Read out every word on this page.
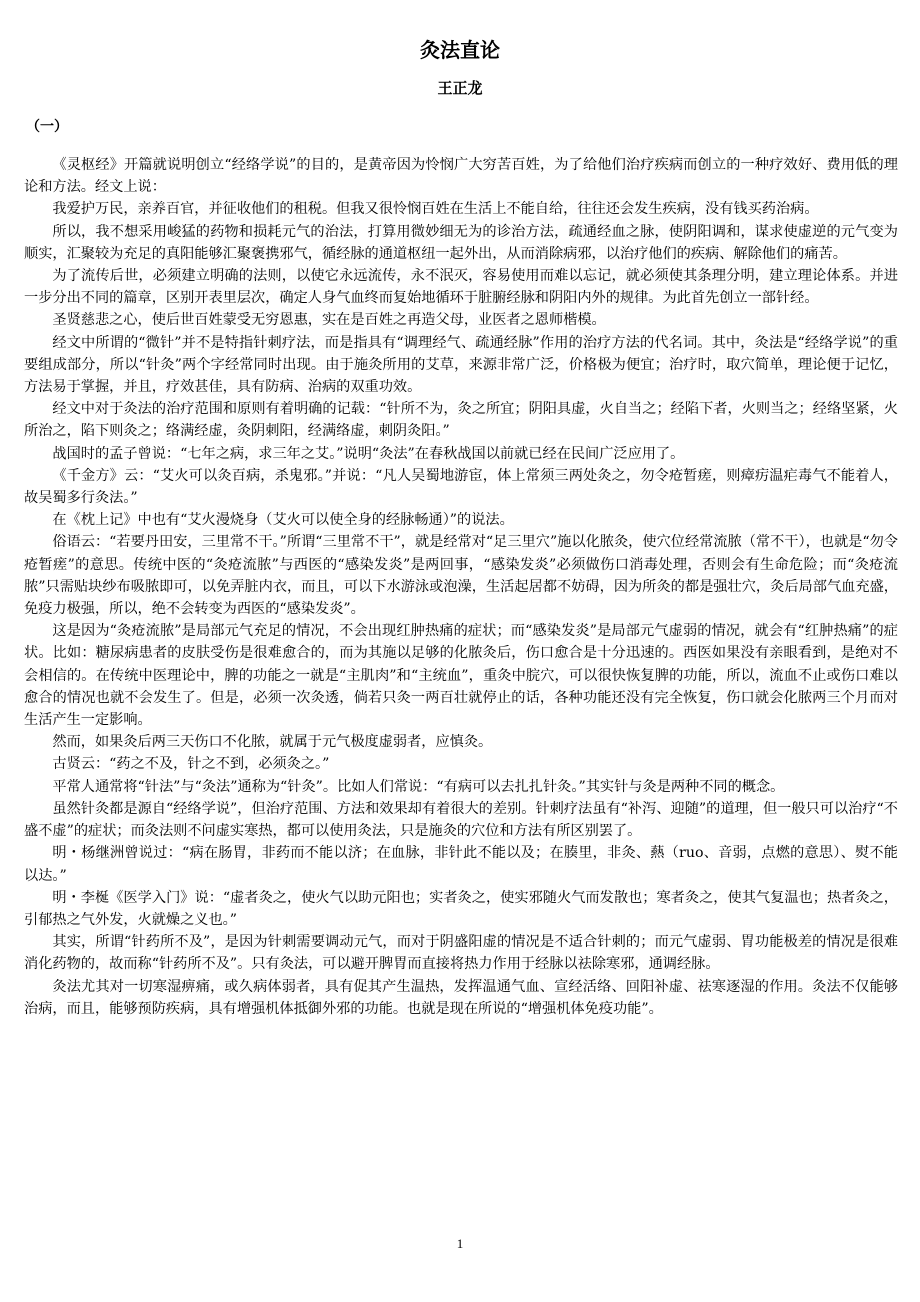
灸法直论
王正龙
（一）

《灵枢经》开篇就说明创立“经络学说”的目的，是黄帝因为怜悯广大穷苦百姓，为了给他们治疗疾病而创立的一种疗效好、费用低的理论和方法。经文上说：

我爱护万民，亲养百官，并征收他们的租税。但我又很怜悯百姓在生活上不能自给，往往还会发生疾病，没有钱买药治病。

所以，我不想采用峻猛的药物和损耗元气的治法，打算用微妙细无为的诊治方法，疏通经血之脉，使阴阳调和，谋求使虚逆的元气变为顺实，汇聚较为充足的真阳能够汇聚褒携邪气，循经脉的通道枢纽一起外出，从而消除病邪，以治疗他们的疾病、解除他们的痛苦。

为了流传后世，必须建立明确的法则，以使它永远流传，永不泯灭，容易使用而难以忘记，就必须使其条理分明，建立理论体系。并进一步分出不同的篇章，区别开表里层次，确定人身气血终而复始地循环于脏腑经脉和阴阳内外的规律。为此首先创立一部针经。

圣贤慈悲之心，使后世百姓蒙受无穷恩惠，实在是百姓之再造父母，业医者之恩师楷模。

经文中所谓的“微针”并不是特指针刺疗法，而是指具有“调理经气、疏通经脉”作用的治疗方法的代名词。其中，灸法是“经络学说”的重要组成部分，所以“针灸”两个字经常同时出现。由于施灸所用的艾草，来源非常广泛，价格极为便宜；治疗时，取穴简单，理论便于记忆，方法易于掌握，并且，疗效甚佳，具有防病、治病的双重功效。

经文中对于灸法的治疗范围和原则有着明确的记载：“针所不为，灸之所宜；阴阳具虚，火自当之；经陷下者，火则当之；经络坚紧，火所治之，陷下则灸之；络满经虚，灸阴刺阳，经满络虚，刺阴灸阳。”

战国时的孟子曾说：“七年之病，求三年之艾。”说明“灸法”在春秋战国以前就已经在民间广泛应用了。

《千金方》云：“艾火可以灸百病，杀鬼邪。”并说：“凡人吴蜀地游宦，体上常须三两处灸之，勿令疮暂瘥，则瘴疠温疟毒气不能着人，故吴蜀多行灸法。”

在《枕上记》中也有“艾火漫烧身（艾火可以使全身的经脉畅通）”的说法。

俗语云：“若要丹田安，三里常不干。”所谓“三里常不干”，就是经常对“足三里穴”施以化脓灸，使穴位经常流脓（常不干），也就是“勿令疮暂瘥”的意思。传统中医的“灸疮流脓”与西医的“感染发炎”是两回事，“感染发炎”必须做伤口消毒处理，否则会有生命危险；而“灸疮流脓”只需贴块纱布吸脓即可，以免弄脏内衣，而且，可以下水游泳或泡澡，生活起居都不妨碍，因为所灸的都是强壮穴，灸后局部气血充盛，免疫力极强，所以，绝不会转变为西医的“感染发炎”。

这是因为“灸疮流脓”是局部元气充足的情况，不会出现红肿热痛的症状；而“感染发炎”是局部元气虚弱的情况，就会有“红肿热痛”的症状。比如：糖尿病患者的皮肤受伤是很难愈合的，而为其施以足够的化脓灸后，伤口愈合是十分迅速的。西医如果没有亲眼看到，是绝对不会相信的。在传统中医理论中，脾的功能之一就是“主肌肉”和“主统血”，重灸中脘穴，可以很快恢复脾的功能，所以，流血不止或伤口难以愈合的情况也就不会发生了。但是，必须一次灸透，倘若只灸一两百壮就停止的话，各种功能还没有完全恢复，伤口就会化脓两三个月而对生活产生一定影响。

然而，如果灸后两三天伤口不化脓，就属于元气极度虚弱者，应慎灸。

古贤云：“药之不及，针之不到，必须灸之。”

平常人通常将“针法”与“灸法”通称为“针灸”。比如人们常说：“有病可以去扎扎针灸。”其实针与灸是两种不同的概念。

虽然针灸都是源自“经络学说”，但治疗范围、方法和效果却有着很大的差别。针刺疗法虽有“补泻、迎随”的道理，但一般只可以治疗“不盛不虚”的症状；而灸法则不问虚实寒热，都可以使用灸法，只是施灸的穴位和方法有所区别罢了。

明・杨继洲曾说过：“病在肠胃，非药而不能以济；在血脉，非针此不能以及；在腠里，非灸、爇（ruo、音弱，点燃的意思）、熨不能以达。”

明・李梴《医学入门》说：“虚者灸之，使火气以助元阳也；实者灸之，使实邪随火气而发散也；寒者灸之，使其气复温也；热者灸之，引郁热之气外发，火就燥之义也。”

其实，所谓“针药所不及”，是因为针刺需要调动元气，而对于阴盛阳虚的情况是不适合针刺的；而元气虚弱、胃功能极差的情况是很难消化药物的，故而称“针药所不及”。只有灸法，可以避开脾胃而直接将热力作用于经脉以祛除寒邪，通调经脉。

灸法尤其对一切寒湿痹痛，或久病体弱者，具有促其产生温热，发挥温通气血、宣经活络、回阳补虚、祛寒逐湿的作用。灸法不仅能够治病，而且，能够预防疾病，具有增强机体抵御外邪的功能。也就是现在所说的“增强机体免疫功能”。

1
